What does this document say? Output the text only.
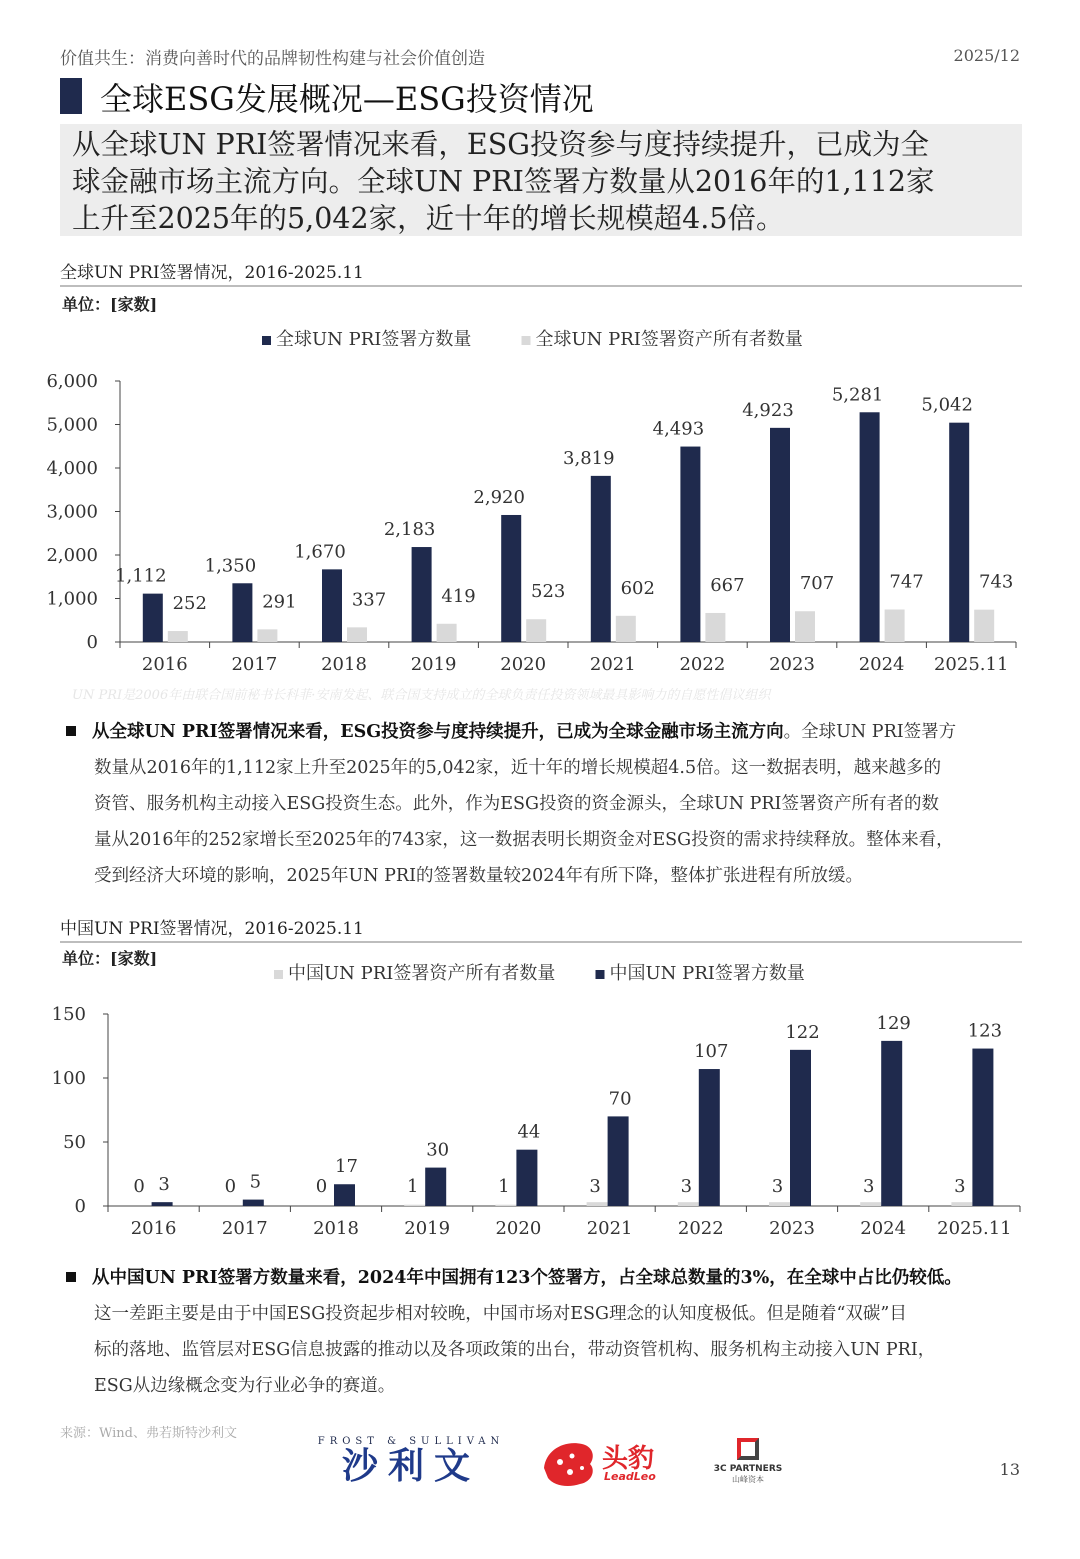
价值共生：消费向善时代的品牌韧性构建与社会价值创造	2025/12
全球ESG发展概况—ESG投资情况
从全球UN PRI签署情况来看，ESG投资参与度持续提升，已成为全
球金融市场主流方向。全球UN PRI签署方数量从2016年的1,112家
上升至2025年的5,042家，近十年的增长规模超4.5倍。
全球UN PRI签署情况，2016-2025.11
单位：[家数]
全球UN PRI签署方数量	全球UN PRI签署资产所有者数量
0
1,000
2,000
3,000
4,000
5,000
6,000
2016
1,112
252
2017
1,350
291
2018
1,670
337
2019
2,183
419
2020
2,920
523
2021
3,819
602
2022
4,493
667
2023
4,923
707
2024
5,281
747
2025.11
5,042
743
UN PRI是2006年由联合国前秘书长科菲·安南发起、联合国支持成立的全球负责任投资领域最具影响力的自愿性倡议组织
从全球UN PRI签署情况来看，ESG投资参与度持续提升，已成为全球金融市场主流方向。全球UN PRI签署方
数量从2016年的1,112家上升至2025年的5,042家，近十年的增长规模超4.5倍。这一数据表明，越来越多的
资管、服务机构主动接入ESG投资生态。此外，作为ESG投资的资金源头，全球UN PRI签署资产所有者的数
量从2016年的252家增长至2025年的743家，这一数据表明长期资金对ESG投资的需求持续释放。整体来看，
受到经济大环境的影响，2025年UN PRI的签署数量较2024年有所下降，整体扩张进程有所放缓。
中国UN PRI签署情况，2016-2025.11
单位：[家数]
中国UN PRI签署资产所有者数量	中国UN PRI签署方数量
0
50
100
150
2016
0 3
2017
0 5
2018
0
17
2019
1
30
2020
1
44
2021
3
70
2022
3
107
2023
3
122
2024
3
129
2025.11
3
123
从中国UN PRI签署方数量来看，2024年中国拥有123个签署方，占全球总数量的3%，在全球中占比仍较低。
这一差距主要是由于中国ESG投资起步相对较晚，中国市场对ESG理念的认知度极低。但是随着“双碳”目
标的落地、监管层对ESG信息披露的推动以及各项政策的出台，带动资管机构、服务机构主动接入UN PRI，
ESG从边缘概念变为行业必争的赛道。
来源：Wind、弗若斯特沙利文
FROST & SULLIVAN
沙利文	头豹
LeadLeo
3C PARTNERS
山峰资本
13
